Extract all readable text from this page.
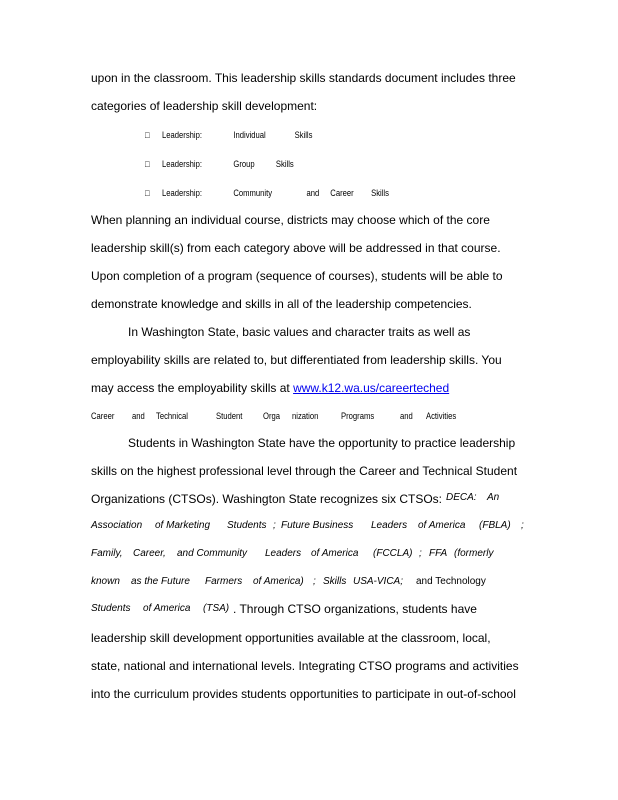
upon in the classroom. This leadership skills standards document includes three
categories of leadership skill development:
□ Leadership:	Individual	Skills
□ Leadership:	Group Skills
□ Leadership:	Community	and Career Skills
When planning an individual course, districts may choose which of the core
leadership skill(s) from each category above will be addressed in that course.
Upon completion of a program (sequence of courses), students will be able to
demonstrate knowledge and skills in all of the leadership competencies.
In Washington State, basic values and character traits as well as
employability skills are related to, but differentiated from leadership skills. You
may access the employability skills at www.k12.wa.us/careerteched
Career and Technical	Student Orga nization	Programs	and Activities
Students in Washington State have the opportunity to practice leadership
skills on the highest professional level through the Career and Technical Student
Organizations (CTSOs). Washington State recognizes six CTSOs: DECA: An
Association of Marketing Students ; Future Business Leaders of America (FBLA) ;
Family, Career, and Community Leaders of America (FCCLA) ; FFA (formerly
known as the Future Farmers of America) ; Skills USA-VICA; and Technology
Students of America (TSA) . Through CTSO organizations, students have
leadership skill development opportunities available at the classroom, local,
state, national and international levels. Integrating CTSO programs and activities
into the curriculum provides students opportunities to participate in out-of-school
